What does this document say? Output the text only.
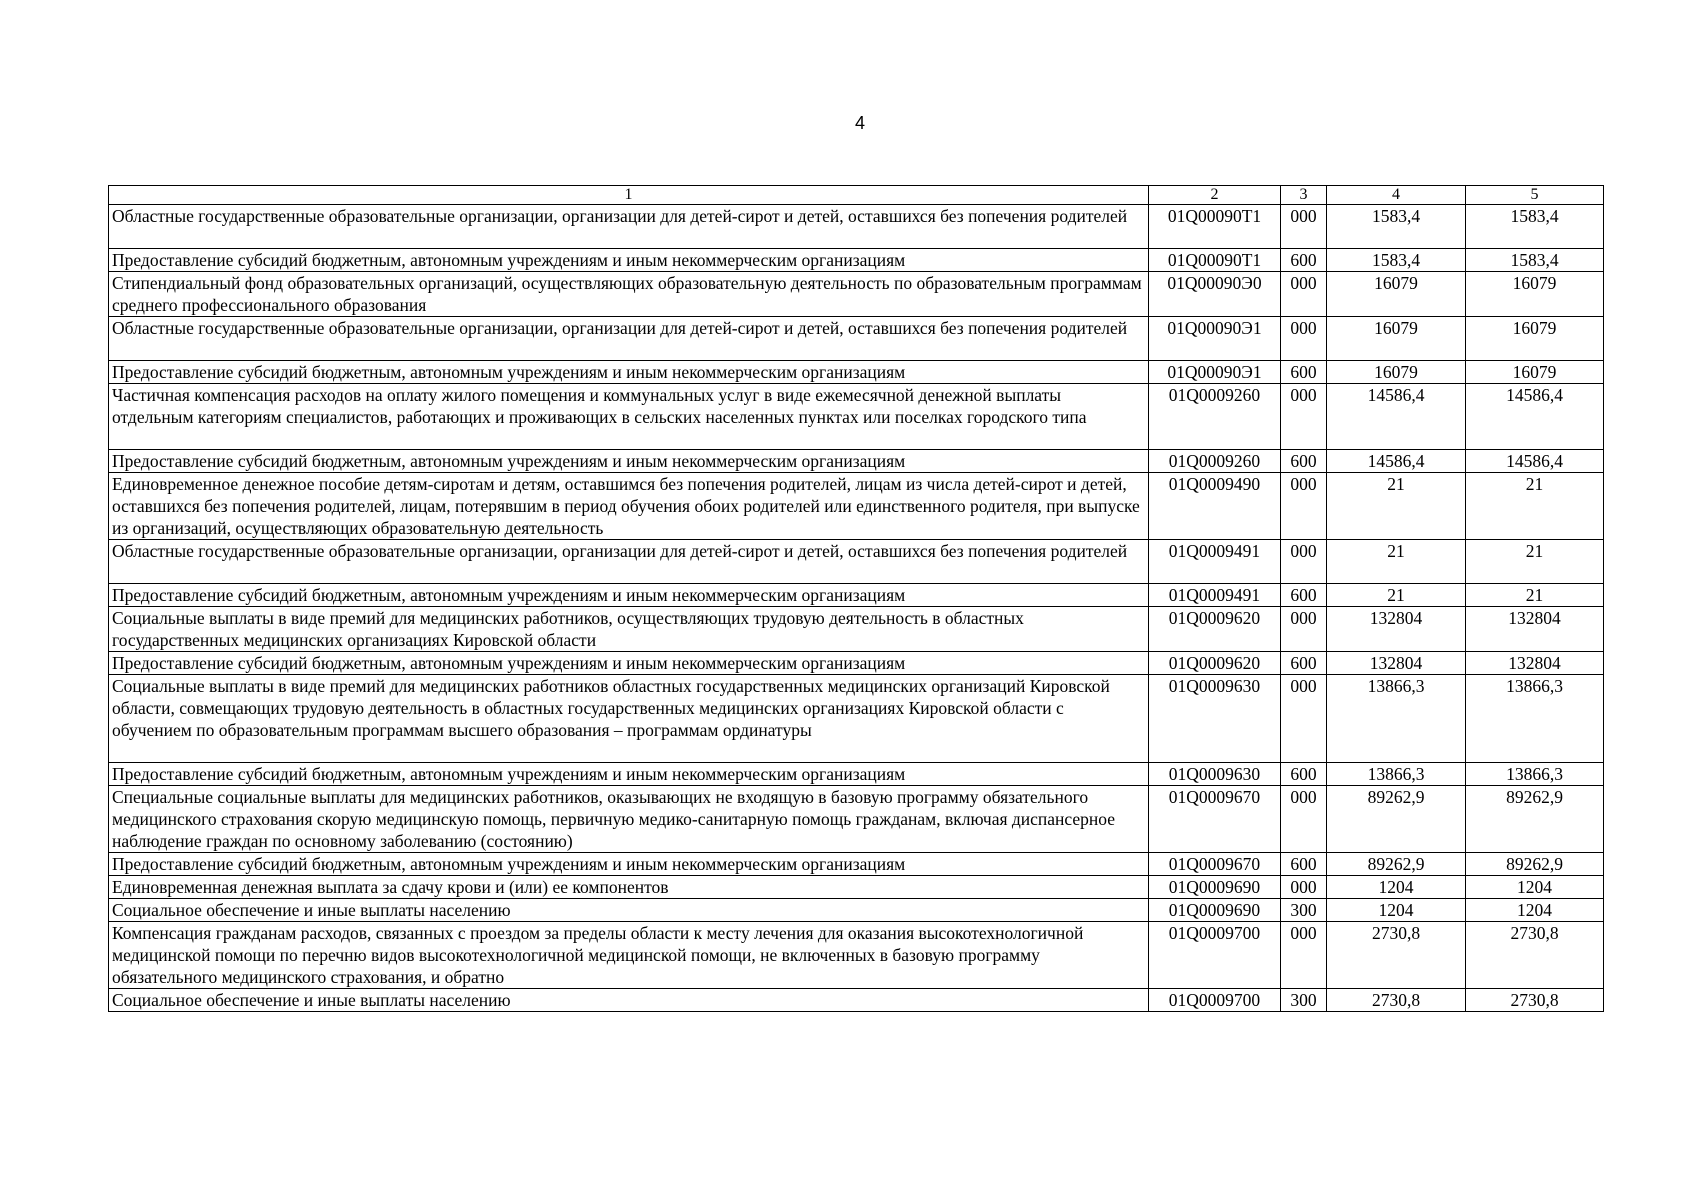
4
1	2	3	4	5
Областные государственные образовательные организации, организации для детей-сирот и детей, оставшихся без попечения родителей	01Q00090T1	000	1583,4	1583,4
Предоставление субсидий бюджетным, автономным учреждениям и иным некоммерческим организациям	01Q00090T1	600	1583,4	1583,4
Стипендиальный фонд образовательных организаций, осуществляющих образовательную деятельность по образовательным программам среднего профессионального образования	01Q00090Э0	000	16079	16079
Областные государственные образовательные организации, организации для детей-сирот и детей, оставшихся без попечения родителей	01Q00090Э1	000	16079	16079
Предоставление субсидий бюджетным, автономным учреждениям и иным некоммерческим организациям	01Q00090Э1	600	16079	16079
Частичная компенсация расходов на оплату жилого помещения и коммунальных услуг в виде ежемесячной денежной выплаты отдельным категориям специалистов, работающих и проживающих в сельских населенных пунктах или поселках городского типа	01Q0009260	000	14586,4	14586,4
Предоставление субсидий бюджетным, автономным учреждениям и иным некоммерческим организациям	01Q0009260	600	14586,4	14586,4
Единовременное денежное пособие детям-сиротам и детям, оставшимся без попечения родителей, лицам из числа детей-сирот и детей, оставшихся без попечения родителей, лицам, потерявшим в период обучения обоих родителей или единственного родителя, при выпуске из организаций, осуществляющих образовательную деятельность	01Q0009490	000	21	21
Областные государственные образовательные организации, организации для детей-сирот и детей, оставшихся без попечения родителей	01Q0009491	000	21	21
Предоставление субсидий бюджетным, автономным учреждениям и иным некоммерческим организациям	01Q0009491	600	21	21
Социальные выплаты в виде премий для медицинских работников, осуществляющих трудовую деятельность в областных государственных медицинских организациях Кировской области	01Q0009620	000	132804	132804
Предоставление субсидий бюджетным, автономным учреждениям и иным некоммерческим организациям	01Q0009620	600	132804	132804
Социальные выплаты в виде премий для медицинских работников областных государственных медицинских организаций Кировской области, совмещающих трудовую деятельность в областных государственных медицинских организациях Кировской области с обучением по образовательным программам высшего образования – программам ординатуры	01Q0009630	000	13866,3	13866,3
Предоставление субсидий бюджетным, автономным учреждениям и иным некоммерческим организациям	01Q0009630	600	13866,3	13866,3
Специальные социальные выплаты для медицинских работников, оказывающих не входящую в базовую программу обязательного медицинского страхования скорую медицинскую помощь, первичную медико-санитарную помощь гражданам, включая диспансерное наблюдение граждан по основному заболеванию (состоянию)	01Q0009670	000	89262,9	89262,9
Предоставление субсидий бюджетным, автономным учреждениям и иным некоммерческим организациям	01Q0009670	600	89262,9	89262,9
Единовременная денежная выплата за сдачу крови и (или) ее компонентов	01Q0009690	000	1204	1204
Социальное обеспечение и иные выплаты населению	01Q0009690	300	1204	1204
Компенсация гражданам расходов, связанных с проездом за пределы области к месту лечения для оказания высокотехнологичной медицинской помощи по перечню видов высокотехнологичной медицинской помощи, не включенных в базовую программу обязательного медицинского страхования, и обратно	01Q0009700	000	2730,8	2730,8
Социальное обеспечение и иные выплаты населению	01Q0009700	300	2730,8	2730,8
